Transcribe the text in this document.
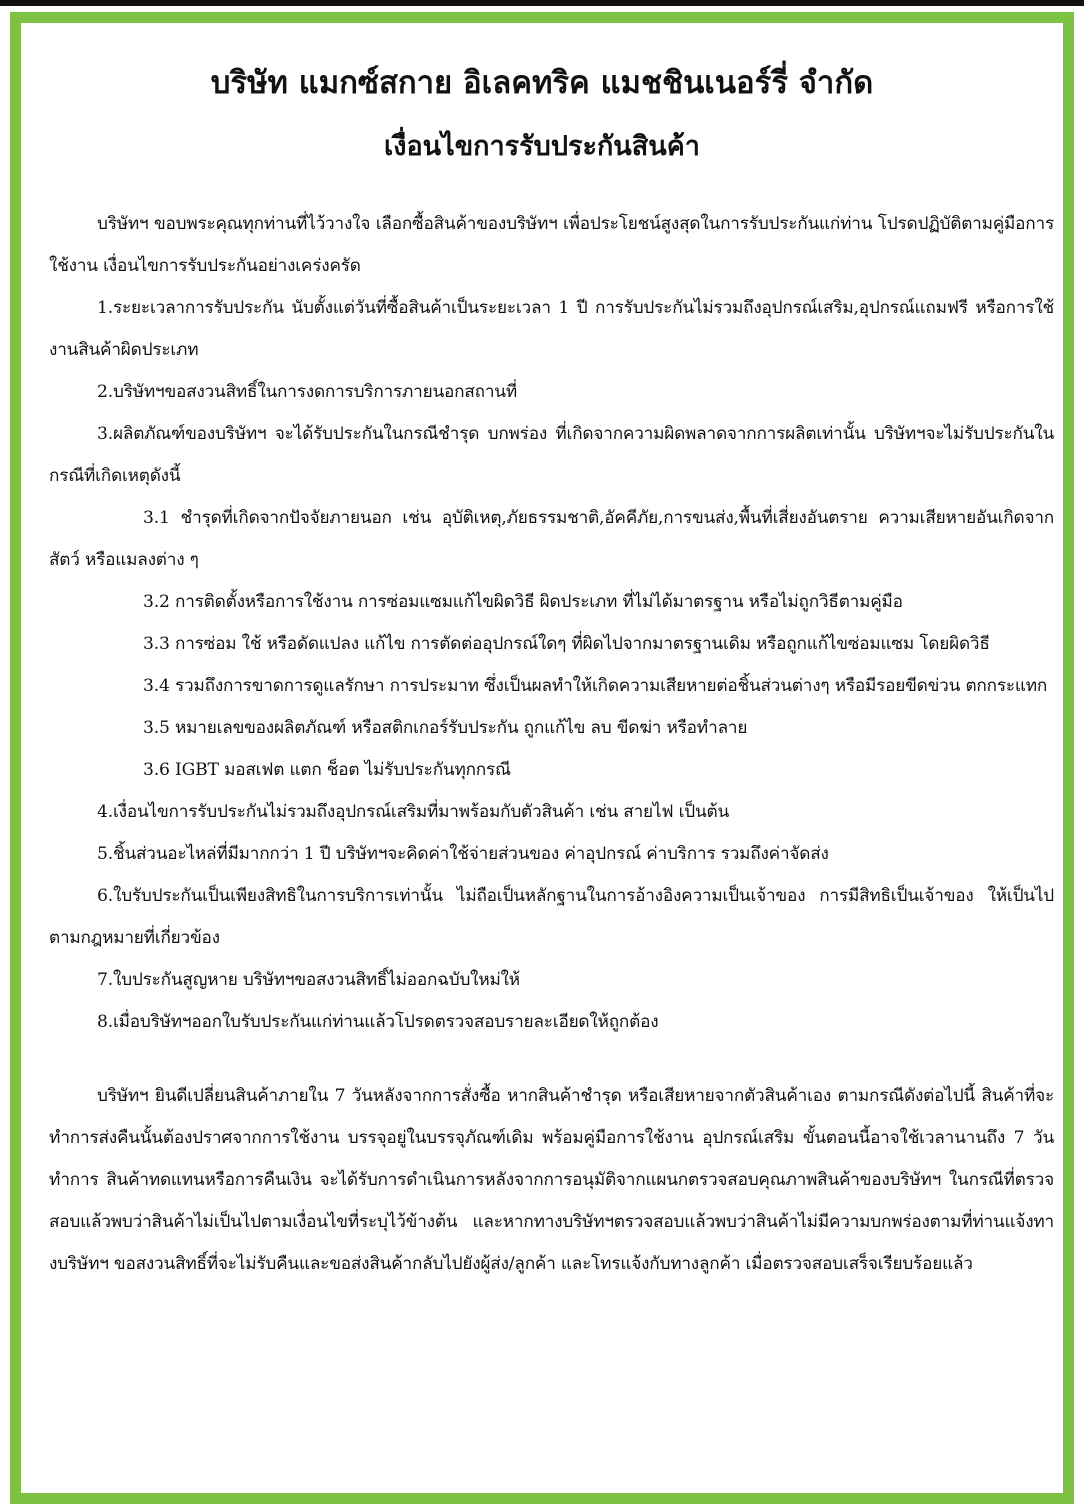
บริษัท แมกซ์สกาย อิเลคทริค แมชชินเนอร์รี่ จำกัด
เงื่อนไขการรับประกันสินค้า

บริษัทฯ ขอบพระคุณทุกท่านที่ไว้วางใจ เลือกซื้อสินค้าของบริษัทฯ เพื่อประโยชน์สูงสุดในการรับประกันแก่ท่าน โปรดปฏิบัติตามคู่มือการใช้งาน เงื่อนไขการรับประกันอย่างเคร่งครัด

1.ระยะเวลาการรับประกัน นับตั้งแต่วันที่ซื้อสินค้าเป็นระยะเวลา 1 ปี การรับประกันไม่รวมถึงอุปกรณ์เสริม,อุปกรณ์แถมฟรี หรือการใช้งานสินค้าผิดประเภท

2.บริษัทฯขอสงวนสิทธิ์ในการงดการบริการภายนอกสถานที่

3.ผลิตภัณฑ์ของบริษัทฯ จะได้รับประกันในกรณีชำรุด บกพร่อง ที่เกิดจากความผิดพลาดจากการผลิตเท่านั้น บริษัทฯจะไม่รับประกันในกรณีที่เกิดเหตุดังนี้

3.1 ชำรุดที่เกิดจากปัจจัยภายนอก เช่น อุบัติเหตุ,ภัยธรรมชาติ,อัคคีภัย,การขนส่ง,พื้นที่เสี่ยงอันตราย ความเสียหายอันเกิดจากสัตว์ หรือแมลงต่าง ๆ

3.2 การติดตั้งหรือการใช้งาน การซ่อมแซมแก้ไขผิดวิธี ผิดประเภท ที่ไม่ได้มาตรฐาน หรือไม่ถูกวิธีตามคู่มือ

3.3 การซ่อม ใช้ หรือดัดแปลง แก้ไข การตัดต่ออุปกรณ์ใดๆ ที่ผิดไปจากมาตรฐานเดิม หรือถูกแก้ไขซ่อมแซม โดยผิดวิธี

3.4 รวมถึงการขาดการดูแลรักษา การประมาท ซึ่งเป็นผลทำให้เกิดความเสียหายต่อชิ้นส่วนต่างๆ หรือมีรอยขีดข่วน ตกกระแทก

3.5 หมายเลขของผลิตภัณฑ์ หรือสติกเกอร์รับประกัน ถูกแก้ไข ลบ ขีดฆ่า หรือทำลาย

3.6 IGBT มอสเฟต แตก ช็อต ไม่รับประกันทุกกรณี

4.เงื่อนไขการรับประกันไม่รวมถึงอุปกรณ์เสริมที่มาพร้อมกับตัวสินค้า เช่น สายไฟ เป็นต้น

5.ชิ้นส่วนอะไหล่ที่มีมากกว่า 1 ปี บริษัทฯจะคิดค่าใช้จ่ายส่วนของ ค่าอุปกรณ์ ค่าบริการ รวมถึงค่าจัดส่ง

6.ใบรับประกันเป็นเพียงสิทธิในการบริการเท่านั้น ไม่ถือเป็นหลักฐานในการอ้างอิงความเป็นเจ้าของ การมีสิทธิเป็นเจ้าของ ให้เป็นไปตามกฎหมายที่เกี่ยวข้อง

7.ใบประกันสูญหาย บริษัทฯขอสงวนสิทธิ์ไม่ออกฉบับใหม่ให้

8.เมื่อบริษัทฯออกใบรับประกันแก่ท่านแล้วโปรดตรวจสอบรายละเอียดให้ถูกต้อง

บริษัทฯ ยินดีเปลี่ยนสินค้าภายใน 7 วันหลังจากการสั่งซื้อ หากสินค้าชำรุด หรือเสียหายจากตัวสินค้าเอง ตามกรณีดังต่อไปนี้ สินค้าที่จะทำการส่งคืนนั้นต้องปราศจากการใช้งาน บรรจุอยู่ในบรรจุภัณฑ์เดิม พร้อมคู่มือการใช้งาน อุปกรณ์เสริม ขั้นตอนนี้อาจใช้เวลานานถึง 7 วันทำการ สินค้าทดแทนหรือการคืนเงิน จะได้รับการดำเนินการหลังจากการอนุมัติจากแผนกตรวจสอบคุณภาพสินค้าของบริษัทฯ ในกรณีที่ตรวจสอบแล้วพบว่าสินค้าไม่เป็นไปตามเงื่อนไขที่ระบุไว้ข้างต้น และหากทางบริษัทฯตรวจสอบแล้วพบว่าสินค้าไม่มีความบกพร่องตามที่ท่านแจ้งทางบริษัทฯ ขอสงวนสิทธิ์ที่จะไม่รับคืนและขอส่งสินค้ากลับไปยังผู้ส่ง/ลูกค้า และโทรแจ้งกับทางลูกค้า เมื่อตรวจสอบเสร็จเรียบร้อยแล้ว
